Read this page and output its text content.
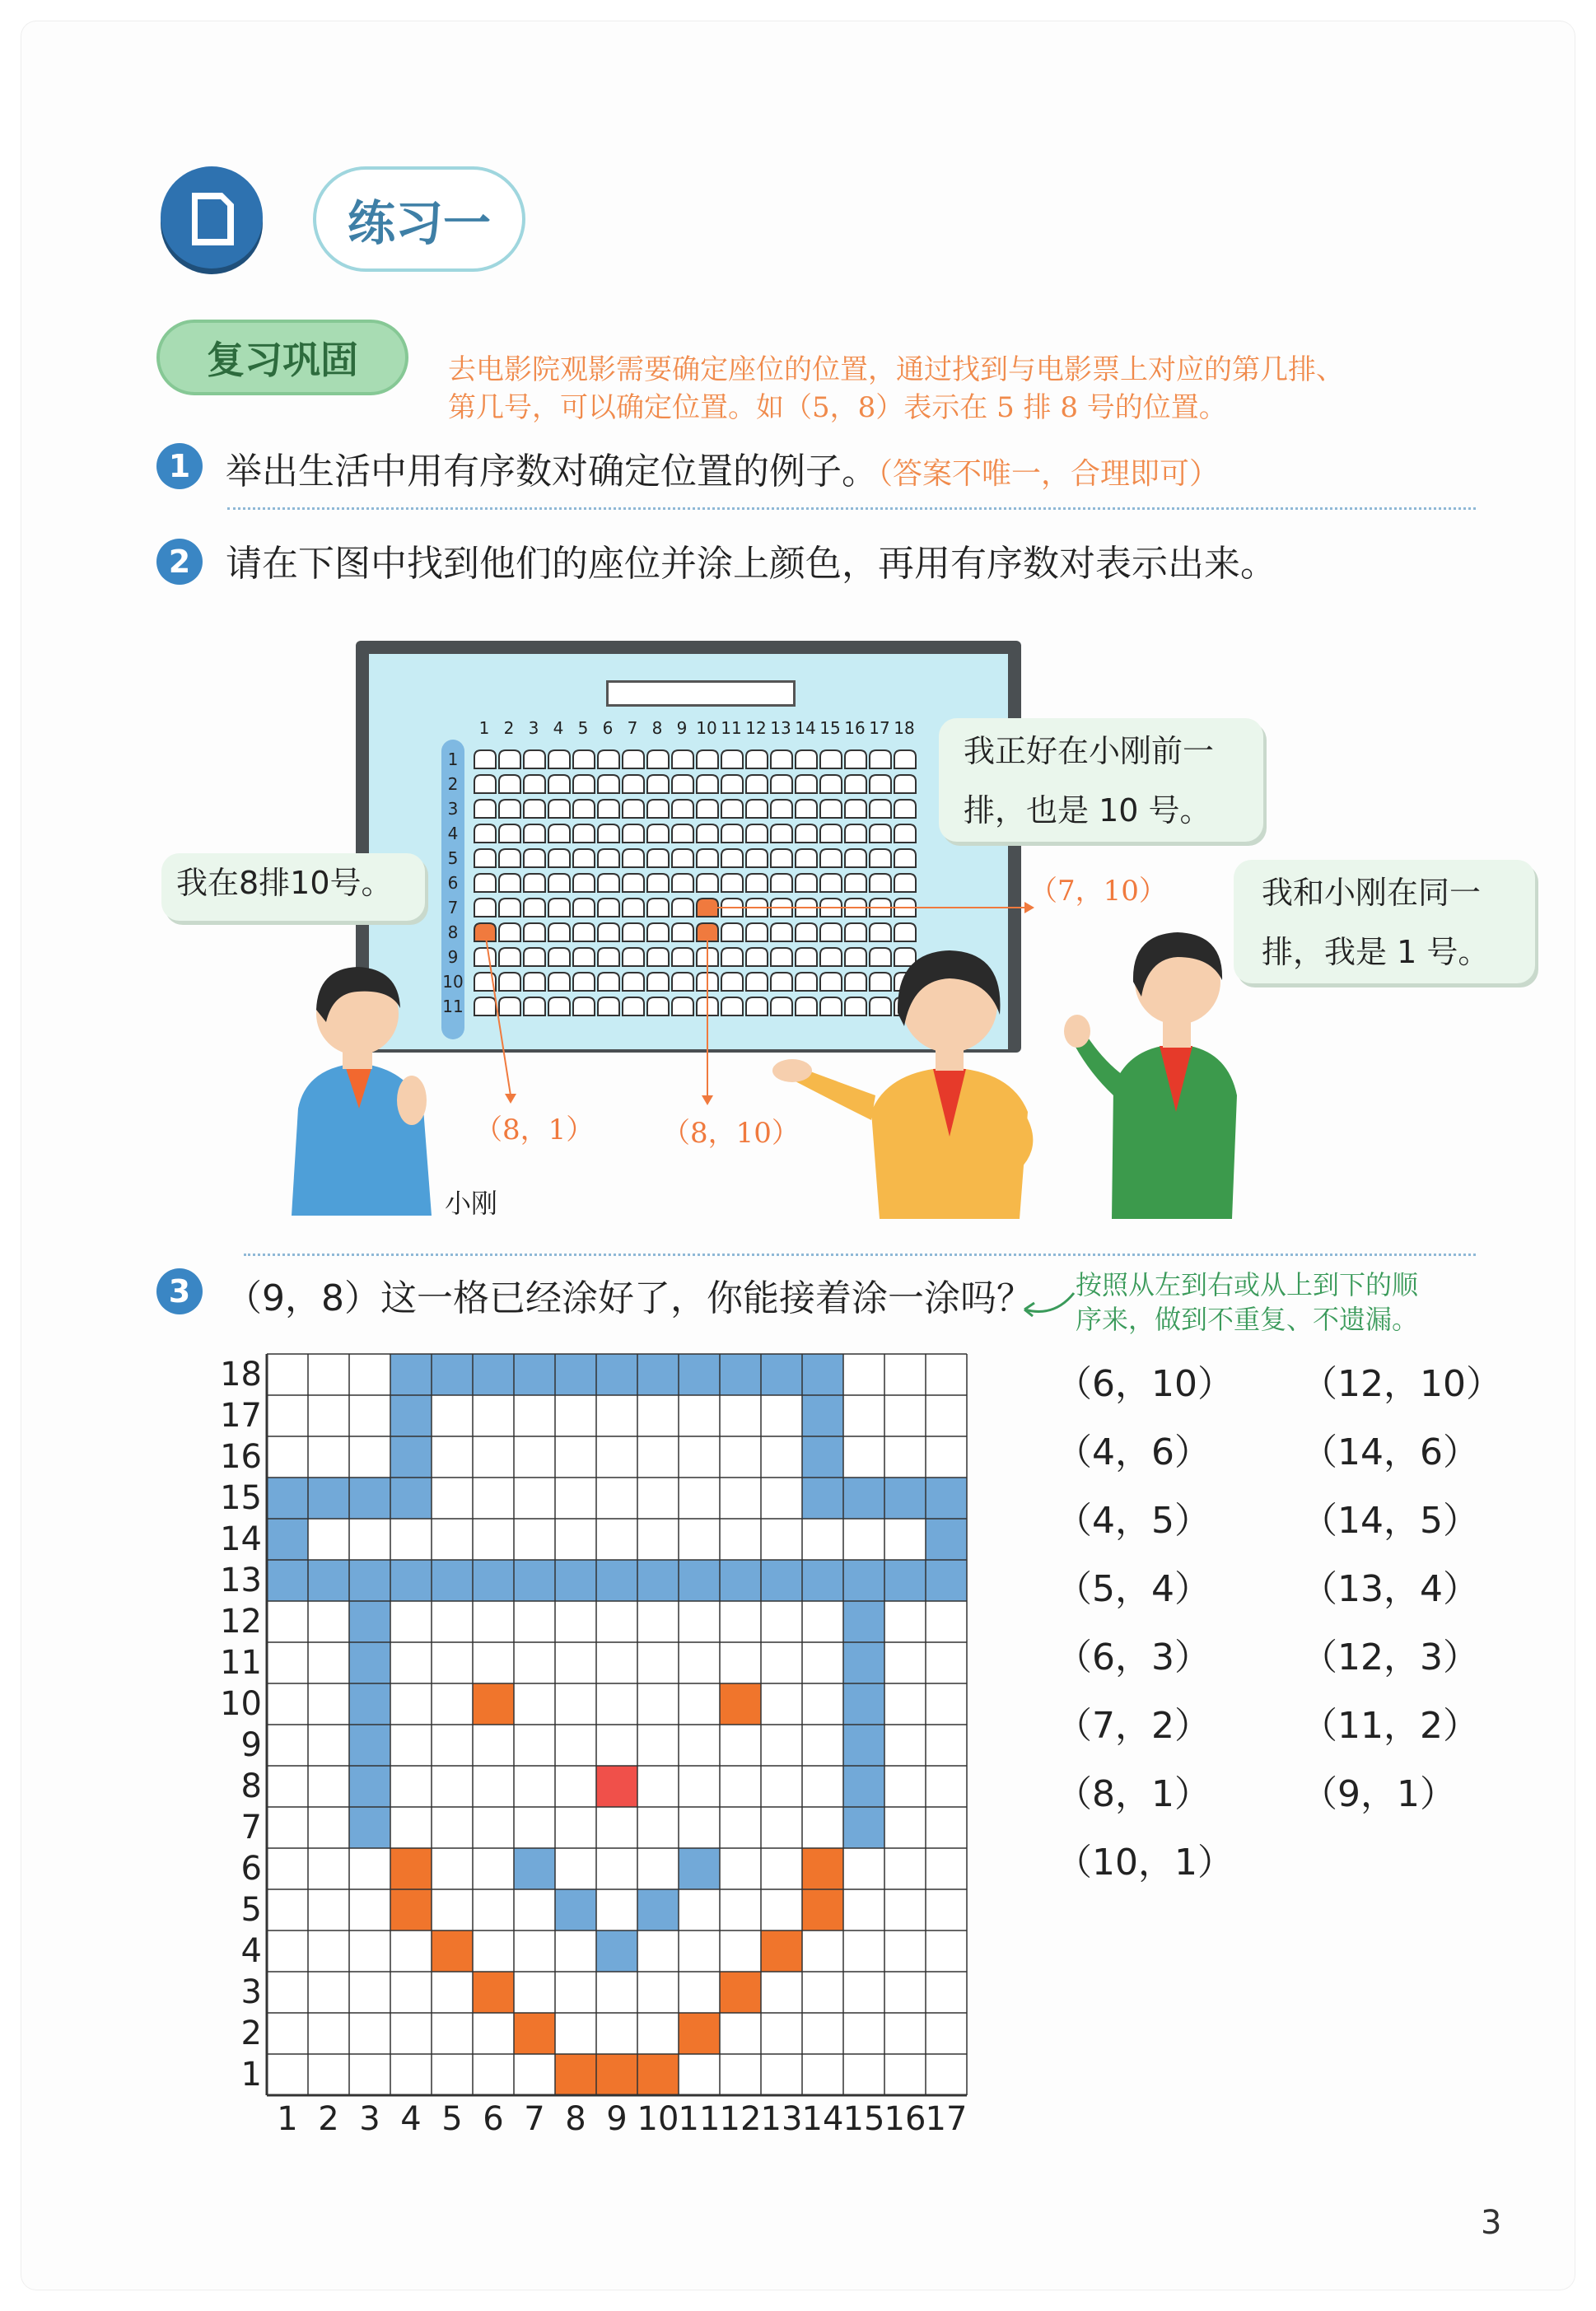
练习一
复习巩固	去电影院观影需要确定座位的位置，通过找到与电影票上对应的第几排、
第几号，可以确定位置。如（5，8）表示在 5 排 8 号的位置。
1 举出生活中用有序数对确定位置的例子。（答案不唯一，合理即可）
2 请在下图中找到他们的座位并涂上颜色，再用有序数对表示出来。
1 2 3 4 5 6 7 8 9 10 11 12 13 14 15 16 17 18
1
2
3
4
5
6
7
8
9
10
11
我在8排10号。
我正好在小刚前一
排，也是 10 号。
我和小刚在同一
排，我是 1 号。
（8，1） （8，10）
（7，10）
小刚
3 （9，8）这一格已经涂好了，你能接着涂一涂吗？ 按照从左到右或从上到下的顺
序来，做到不重复、不遗漏。
1 2 3 4 5 6 7 8 9 10 11 12 13 14 15 16 17
18
17
16
15
14
13
12
11
10
9
8
7
6
5
4
3
2
1
（6，10）
（4，6）
（4，5）
（5，4）
（6，3）
（7，2）
（8，1）
（10，1）
（12，10）
（14，6）
（14，5）
（13，4）
（12，3）
（11，2）
（9，1）
3
